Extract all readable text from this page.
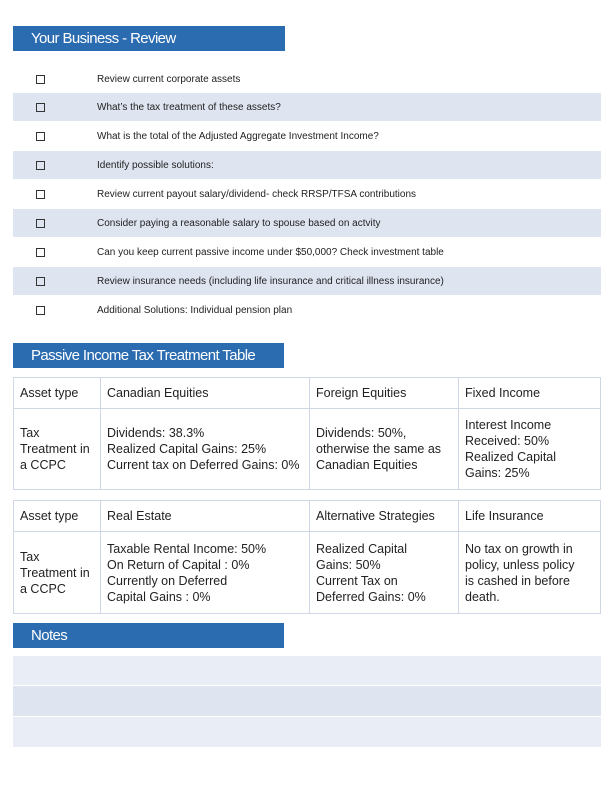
Your Business - Review
Review current corporate assets
What’s the tax treatment of these assets?
What is the total of the Adjusted Aggregate Investment Income?
Identify possible solutions:
Review current payout salary/dividend- check RRSP/TFSA contributions
Consider paying a reasonable salary to spouse based on actvity
Can you keep current passive income under $50,000? Check investment table
Review insurance needs (including life insurance and critical illness insurance)
Additional Solutions: Individual pension plan
Passive Income Tax Treatment Table
Asset type	Canadian Equities	Foreign Equities	Fixed Income
Tax Treatment in a CCPC	Dividends: 38.3%
Realized Capital Gains: 25%
Current tax on Deferred Gains: 0%	Dividends: 50%,
otherwise the same as
Canadian Equities	Interest Income
Received: 50%
Realized Capital
Gains: 25%
Asset type	Real Estate	Alternative Strategies	Life Insurance
Tax Treatment in a CCPC	Taxable Rental Income: 50%
On Return of Capital : 0%
Currently on Deferred
Capital Gains : 0%	Realized Capital
Gains: 50%
Current Tax on
Deferred Gains: 0%	No tax on growth in
policy, unless policy
is cashed in before
death.
Notes
